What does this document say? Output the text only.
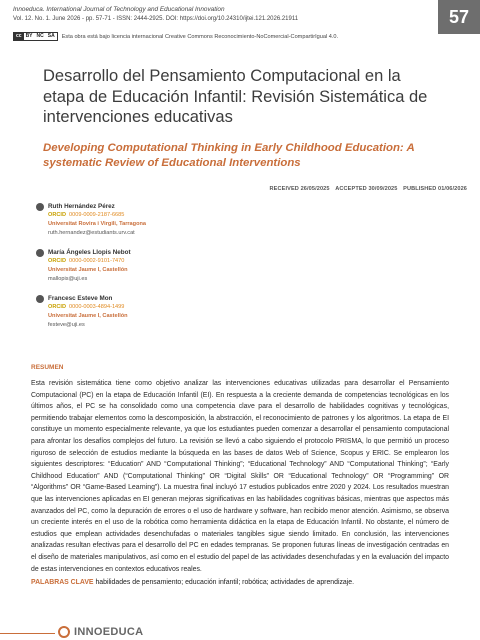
57
Innoeduca. International Journal of Technology and Educational Innovation
Vol. 12. No. 1. June 2026 - pp. 57-71 - ISSN: 2444-2925. DOI: https://doi.org/10.24310/ijtei.121.2026.21911
cc BY NC SA	Esta obra está bajo licencia internacional Creative Commons Reconocimiento-NoComercial-CompartirIgual 4.0.
Desarrollo del Pensamiento Computacional en la etapa de Educación Infantil: Revisión Sistemática de intervenciones educativas
Developing Computational Thinking in Early Childhood Education: A systematic Review of Educational Interventions
RECEIVED 26/05/2025 ACCEPTED 30/09/2025 PUBLISHED 01/06/2026
Ruth Hernández Pérez
ORCID 0009-0009-2187-6685
Universitat Rovira i Virgili, Tarragona
ruth.hernandez@estudiants.urv.cat
María Ángeles Llopis Nebot
ORCID 0000-0002-9101-7470
Universitat Jaume I, Castellón
mallopis@uji.es
Francesc Esteve Mon
ORCID 0000-0003-4894-1499
Universitat Jaume I, Castellón
festeve@uji.es
RESUMEN

Esta revisión sistemática tiene como objetivo analizar las intervenciones educativas utilizadas para desarrollar el Pensamiento Computacional (PC) en la etapa de Educación Infantil (EI). En respuesta a la creciente demanda de competencias tecnológicas en los últimos años, el PC se ha consolidado como una competencia clave para el desarrollo de habilidades cognitivas y tecnológicas, permitiendo trabajar elementos como la descomposición, la abstracción, el reconocimiento de patrones y los algoritmos. La etapa de EI constituye un momento especialmente relevante, ya que los estudiantes pueden comenzar a desarrollar el pensamiento computacional para afrontar los desafíos complejos del futuro. La revisión se llevó a cabo siguiendo el protocolo PRISMA, lo que permitió un proceso riguroso de selección de estudios mediante la búsqueda en las bases de datos Web of Science, Scopus y ERIC. Se emplearon los siguientes descriptores: “Education” AND “Computational Thinking”; “Educational Technology” AND “Computational Thinking”; “Early Childhood Education” AND (“Computational Thinking” OR “Digital Skills” OR “Educational Technology” OR “Programming” OR “Algorithms” OR “Game-Based Learning”). La muestra final incluyó 17 estudios publicados entre 2020 y 2024. Los resultados muestran que las intervenciones aplicadas en EI generan mejoras significativas en las habilidades cognitivas básicas, mientras que aspectos más avanzados del PC, como la depuración de errores o el uso de hardware y software, han recibido menor atención. Asimismo, se observa un creciente interés en el uso de la robótica como herramienta didáctica en la etapa de Educación Infantil. No obstante, el número de estudios que emplean actividades desenchufadas o materiales tangibles sigue siendo limitado. En conclusión, las intervenciones analizadas resultan efectivas para el desarrollo del PC en edades tempranas. Se proponen futuras líneas de investigación centradas en el diseño de materiales manipulativos, así como en el estudio del papel de las actividades desenchufadas y en la evaluación del impacto de estas intervenciones en contextos educativos reales.

PALABRAS CLAVE habilidades de pensamiento; educación infantil; robótica; actividades de aprendizaje.
INNOEDUCA
